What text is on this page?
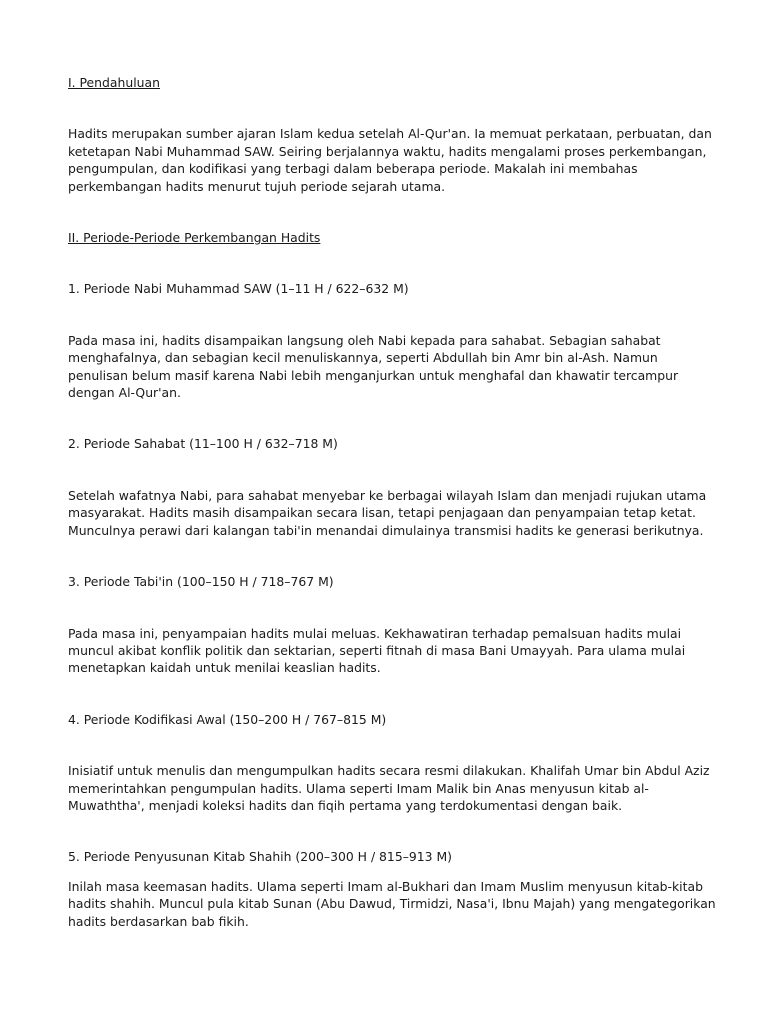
I. Pendahuluan

Hadits merupakan sumber ajaran Islam kedua setelah Al-Qur'an. Ia memuat perkataan, perbuatan, dan ketetapan Nabi Muhammad SAW. Seiring berjalannya waktu, hadits mengalami proses perkembangan, pengumpulan, dan kodifikasi yang terbagi dalam beberapa periode. Makalah ini membahas perkembangan hadits menurut tujuh periode sejarah utama.

II. Periode-Periode Perkembangan Hadits

1. Periode Nabi Muhammad SAW (1–11 H / 622–632 M)

Pada masa ini, hadits disampaikan langsung oleh Nabi kepada para sahabat. Sebagian sahabat menghafalnya, dan sebagian kecil menuliskannya, seperti Abdullah bin Amr bin al-Ash. Namun penulisan belum masif karena Nabi lebih menganjurkan untuk menghafal dan khawatir tercampur dengan Al-Qur'an.

2. Periode Sahabat (11–100 H / 632–718 M)

Setelah wafatnya Nabi, para sahabat menyebar ke berbagai wilayah Islam dan menjadi rujukan utama masyarakat. Hadits masih disampaikan secara lisan, tetapi penjagaan dan penyampaian tetap ketat. Munculnya perawi dari kalangan tabi'in menandai dimulainya transmisi hadits ke generasi berikutnya.

3. Periode Tabi'in (100–150 H / 718–767 M)

Pada masa ini, penyampaian hadits mulai meluas. Kekhawatiran terhadap pemalsuan hadits mulai muncul akibat konflik politik dan sektarian, seperti fitnah di masa Bani Umayyah. Para ulama mulai menetapkan kaidah untuk menilai keaslian hadits.

4. Periode Kodifikasi Awal (150–200 H / 767–815 M)

Inisiatif untuk menulis dan mengumpulkan hadits secara resmi dilakukan. Khalifah Umar bin Abdul Aziz memerintahkan pengumpulan hadits. Ulama seperti Imam Malik bin Anas menyusun kitab al-Muwaththa', menjadi koleksi hadits dan fiqih pertama yang terdokumentasi dengan baik.

5. Periode Penyusunan Kitab Shahih (200–300 H / 815–913 M)

Inilah masa keemasan hadits. Ulama seperti Imam al-Bukhari dan Imam Muslim menyusun kitab-kitab hadits shahih. Muncul pula kitab Sunan (Abu Dawud, Tirmidzi, Nasa'i, Ibnu Majah) yang mengategorikan hadits berdasarkan bab fikih.
